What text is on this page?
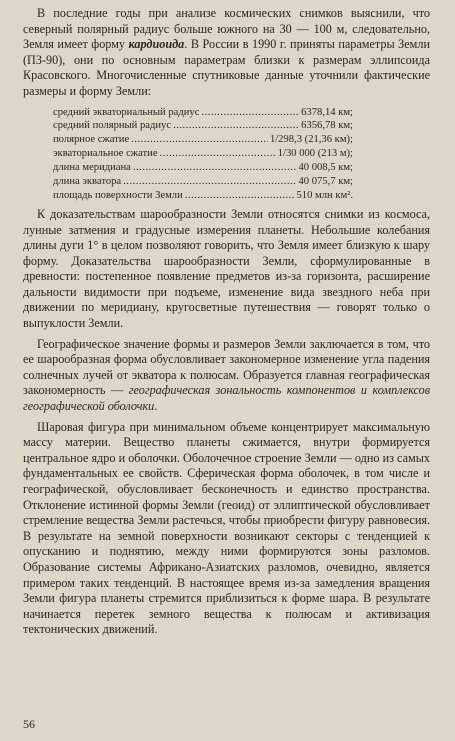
В последние годы при анализе космических снимков выяснили, что северный полярный радиус больше южного на 30 — 100 м, следовательно, Земля имеет форму кардиоида. В России в 1990 г. приняты параметры Земли (ПЗ-90), они по основным параметрам близки к размерам эллипсоида Красовского. Многочисленные спутниковые данные уточнили фактические размеры и форму Земли:

средний экваториальный радиус .....	6378,14 км;
средний полярный радиус .....	6356,78 км;
полярное сжатие .....	1/298,3 (21,36 км);
экваториальное сжатие .....	1/30 000 (213 м);
длина меридиана .....	40 008,5 км;
длина экватора .....	40 075,7 км;
площадь поверхности Земли .....	510 млн км².

К доказательствам шарообразности Земли относятся снимки из космоса, лунные затмения и градусные измерения планеты. Небольшие колебания длины дуги 1° в целом позволяют говорить, что Земля имеет близкую к шару форму. Доказательства шарообразности Земли, сформулированные в древности: постепенное появление предметов из-за горизонта, расширение дальности видимости при подъеме, изменение вида звездного неба при движении по меридиану, кругосветные путешествия — говорят только о выпуклости Земли.

Географическое значение формы и размеров Земли заключается в том, что ее шарообразная форма обусловливает закономерное изменение угла падения солнечных лучей от экватора к полюсам. Образуется главная географическая закономерность — географическая зональность компонентов и комплексов географической оболочки.

Шаровая фигура при минимальном объеме концентрирует максимальную массу материи. Вещество планеты сжимается, внутри формируется центральное ядро и оболочки. Оболочечное строение Земли — одно из самых фундаментальных ее свойств. Сферическая форма оболочек, в том числе и географической, обусловливает бесконечность и единство пространства. Отклонение истинной формы Земли (геоид) от эллиптической обусловливает стремление вещества Земли растечься, чтобы приобрести фигуру равновесия. В результате на земной поверхности возникают секторы с тенденцией к опусканию и поднятию, между ними формируются зоны разломов. Образование системы Африкано-Азиатских разломов, очевидно, является примером таких тенденций. В настоящее время из-за замедления вращения Земли фигура планеты стремится приблизиться к форме шара. В результате начинается перетек земного вещества к полюсам и активизация тектонических движений.

56
